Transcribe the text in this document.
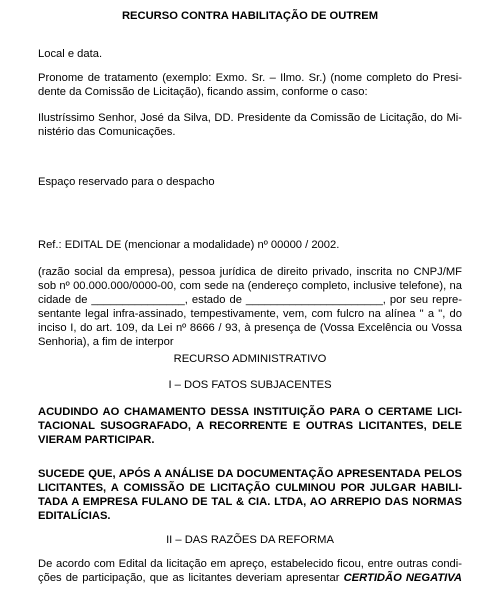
RECURSO CONTRA HABILITAÇÃO DE OUTREM

Local e data.

Pronome de tratamento (exemplo: Exmo. Sr. – Ilmo. Sr.) (nome completo do Presi-
dente da Comissão de Licitação), ficando assim, conforme o caso:
Ilustríssimo Senhor, José da Silva, DD. Presidente da Comissão de Licitação, do Mi-
nistério das Comunicações.

Espaço reservado para o despacho

Ref.: EDITAL DE (mencionar a modalidade) nº 00000 / 2002.

(razão social da empresa), pessoa jurídica de direito privado, inscrita no CNPJ/MF
sob nº 00.000.000/0000-00, com sede na (endereço completo, inclusive telefone), na
cidade de _______________, estado de ______________________, por seu repre-
sentante legal infra-assinado, tempestivamente, vem, com fulcro na alínea " a ", do
inciso I, do art. 109, da Lei nº 8666 / 93, à presença de (Vossa Excelência ou Vossa
Senhoria), a fim de interpor

RECURSO ADMINISTRATIVO

I – DOS FATOS SUBJACENTES

ACUDINDO AO CHAMAMENTO DESSA INSTITUIÇÃO PARA O CERTAME LICI-
TACIONAL SUSOGRAFADO, A RECORRENTE E OUTRAS LICITANTES, DELE
VIERAM PARTICIPAR.
SUCEDE QUE, APÓS A ANÁLISE DA DOCUMENTAÇÃO APRESENTADA PELOS
LICITANTES, A COMISSÃO DE LICITAÇÃO CULMINOU POR JULGAR HABILI-
TADA A EMPRESA FULANO DE TAL & CIA. LTDA, AO ARREPIO DAS NORMAS
EDITALÍCIAS.

II – DAS RAZÕES DA REFORMA

De acordo com Edital da licitação em apreço, estabelecido ficou, entre outras condi-
ções de participação, que as licitantes deveriam apresentar CERTIDÃO NEGATIVA
